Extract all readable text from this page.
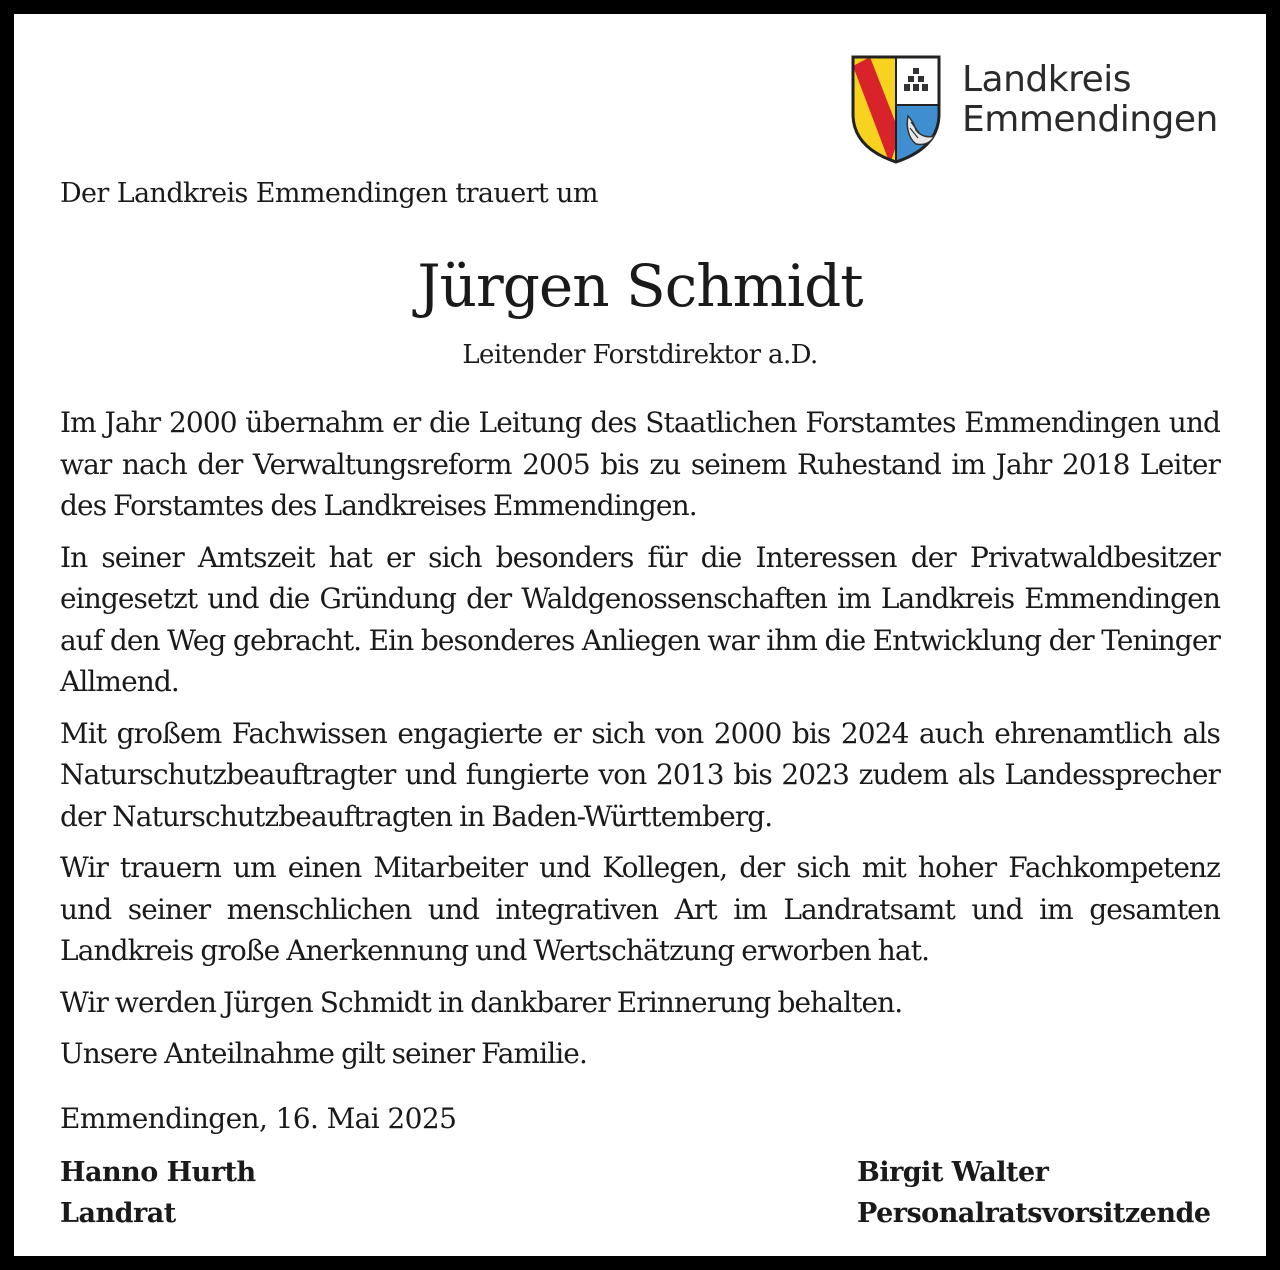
Landkreis
Emmendingen
Der Landkreis Emmendingen trauert um
Jürgen Schmidt
Leitender Forstdirektor a.D.

Im Jahr 2000 übernahm er die Leitung des Staatlichen Forstamtes Emmendingen und war nach der Verwaltungsreform 2005 bis zu seinem Ruhestand im Jahr 2018 Leiter des Forstamtes des Landkreises Emmendingen.

In seiner Amtszeit hat er sich besonders für die Interessen der Privatwaldbesitzer eingesetzt und die Gründung der Waldgenossenschaften im Landkreis Emmendingen auf den Weg gebracht. Ein besonderes Anliegen war ihm die Entwicklung der Teninger Allmend.

Mit großem Fachwissen engagierte er sich von 2000 bis 2024 auch ehrenamtlich als Naturschutzbeauftragter und fungierte von 2013 bis 2023 zudem als Landessprecher der Naturschutzbeauftragten in Baden-Württemberg.

Wir trauern um einen Mitarbeiter und Kollegen, der sich mit hoher Fachkompetenz und seiner menschlichen und integrativen Art im Landratsamt und im gesamten Landkreis große Anerkennung und Wertschätzung erworben hat.

Wir werden Jürgen Schmidt in dankbarer Erinnerung behalten.

Unsere Anteilnahme gilt seiner Familie.

Emmendingen, 16. Mai 2025
Hanno Hurth
Landrat
Birgit Walter
Personalratsvorsitzende
